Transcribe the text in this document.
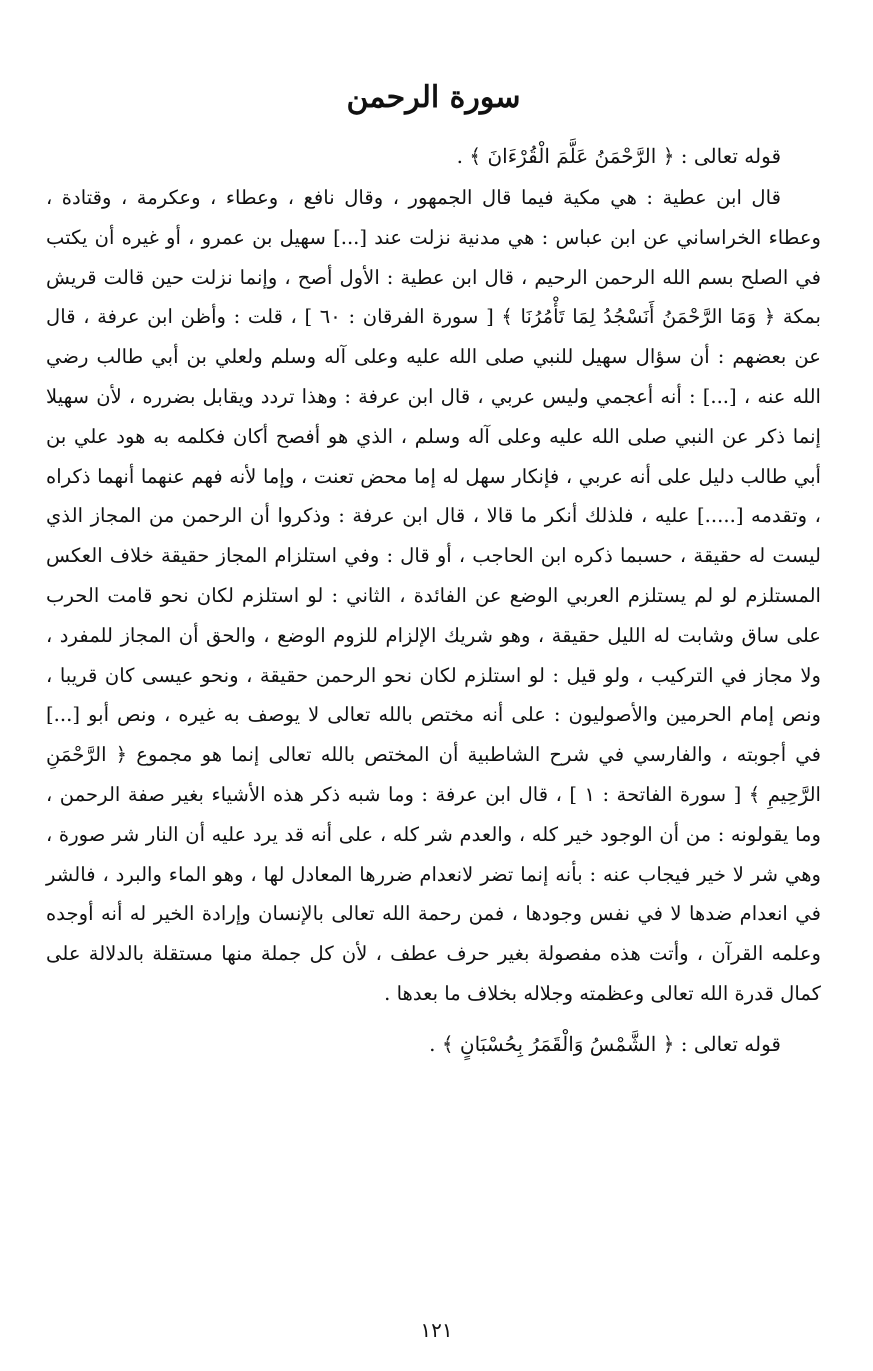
سورة الرحمن

قوله تعالى : ﴿ الرَّحْمَنُ عَلَّمَ الْقُرْءَانَ ﴾ .

قال ابن عطية : هي مكية فيما قال الجمهور ، وقال نافع ، وعطاء ، وعكرمة ، وقتادة ، وعطاء الخراساني عن ابن عباس : هي مدنية نزلت عند [...] سهيل بن عمرو ، أو غيره أن يكتب في الصلح بسم الله الرحمن الرحيم ، قال ابن عطية : الأول أصح ، وإنما نزلت حين قالت قريش بمكة ﴿ وَمَا الرَّحْمَنُ أَنَسْجُدُ لِمَا تَأْمُرُنَا ﴾ [ سورة الفرقان : ٦٠ ] ، قلت : وأظن ابن عرفة ، قال عن بعضهم : أن سؤال سهيل للنبي صلى الله عليه وعلى آله وسلم ولعلي بن أبي طالب رضي الله عنه ، [...] : أنه أعجمي وليس عربي ، قال ابن عرفة : وهذا تردد ويقابل بضرره ، لأن سهيلا إنما ذكر عن النبي صلى الله عليه وعلى آله وسلم ، الذي هو أفصح أكان فكلمه به هود علي بن أبي طالب دليل على أنه عربي ، فإنكار سهل له إما محض تعنت ، وإما لأنه فهم عنهما أنهما ذكراه ، وتقدمه [.....] عليه ، فلذلك أنكر ما قالا ، قال ابن عرفة : وذكروا أن الرحمن من المجاز الذي ليست له حقيقة ، حسبما ذكره ابن الحاجب ، أو قال : وفي استلزام المجاز حقيقة خلاف العكس المستلزم لو لم يستلزم العربي الوضع عن الفائدة ، الثاني : لو استلزم لكان نحو قامت الحرب على ساق وشابت له الليل حقيقة ، وهو شريك الإلزام للزوم الوضع ، والحق أن المجاز للمفرد ، ولا مجاز في التركيب ، ولو قيل : لو استلزم لكان نحو الرحمن حقيقة ، ونحو عيسى كان قريبا ، ونص إمام الحرمين والأصوليون : على أنه مختص بالله تعالى لا يوصف به غيره ، ونص أبو [...] في أجوبته ، والفارسي في شرح الشاطبية أن المختص بالله تعالى إنما هو مجموع ﴿ الرَّحْمَنِ الرَّحِيمِ ﴾ [ سورة الفاتحة : ١ ] ، قال ابن عرفة : وما شبه ذكر هذه الأشياء بغير صفة الرحمن ، وما يقولونه : من أن الوجود خير كله ، والعدم شر كله ، على أنه قد يرد عليه أن النار شر صورة ، وهي شر لا خير فيجاب عنه : بأنه إنما تضر لانعدام ضررها المعادل لها ، وهو الماء والبرد ، فالشر في انعدام ضدها لا في نفس وجودها ، فمن رحمة الله تعالى بالإنسان وإرادة الخير له أنه أوجده وعلمه القرآن ، وأتت هذه مفصولة بغير حرف عطف ، لأن كل جملة منها مستقلة بالدلالة على كمال قدرة الله تعالى وعظمته وجلاله بخلاف ما بعدها .

قوله تعالى : ﴿ الشَّمْسُ وَالْقَمَرُ بِحُسْبَانٍ ﴾ .

١٢١
